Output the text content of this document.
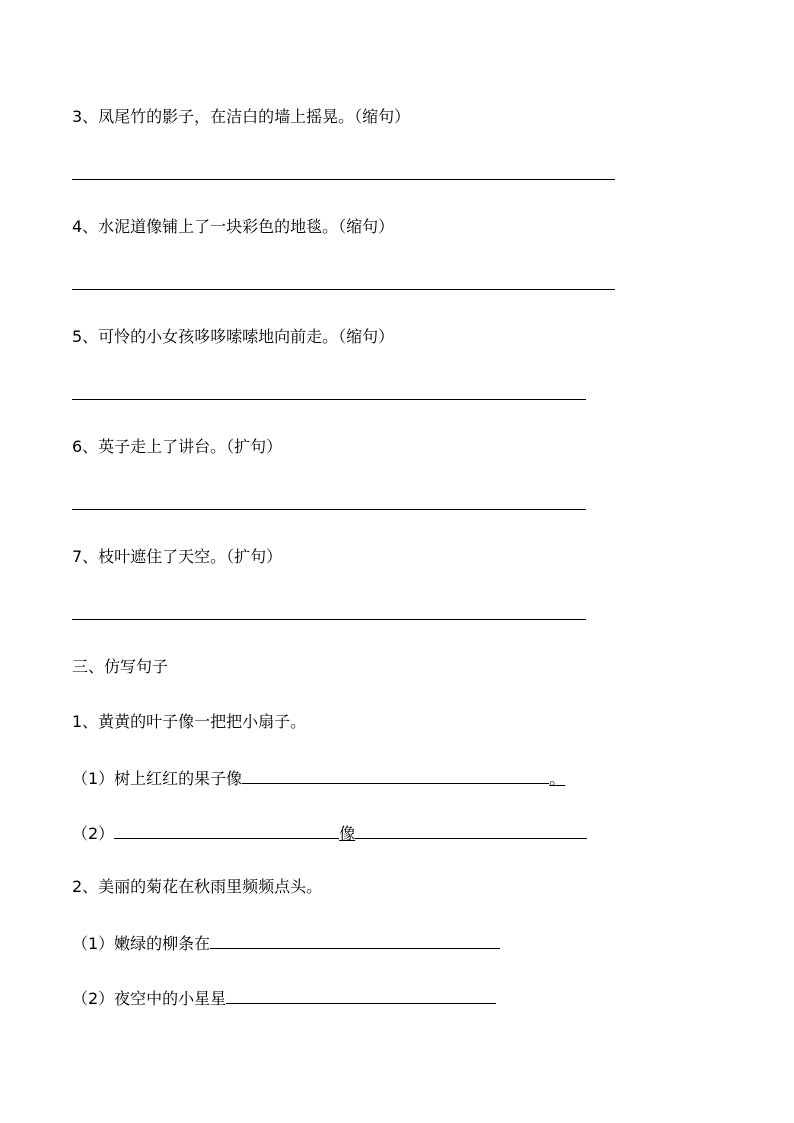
3、凤尾竹的影子，在洁白的墙上摇晃。（缩句）
4、水泥道像铺上了一块彩色的地毯。（缩句）
5、可怜的小女孩哆哆嗦嗦地向前走。（缩句）
6、英子走上了讲台。（扩句）
7、枝叶遮住了天空。（扩句）
三、仿写句子
1、黄黄的叶子像一把把小扇子。
（1）树上红红的果子像	。
（2）	像
2、美丽的菊花在秋雨里频频点头。
（1）嫩绿的柳条在
（2）夜空中的小星星
